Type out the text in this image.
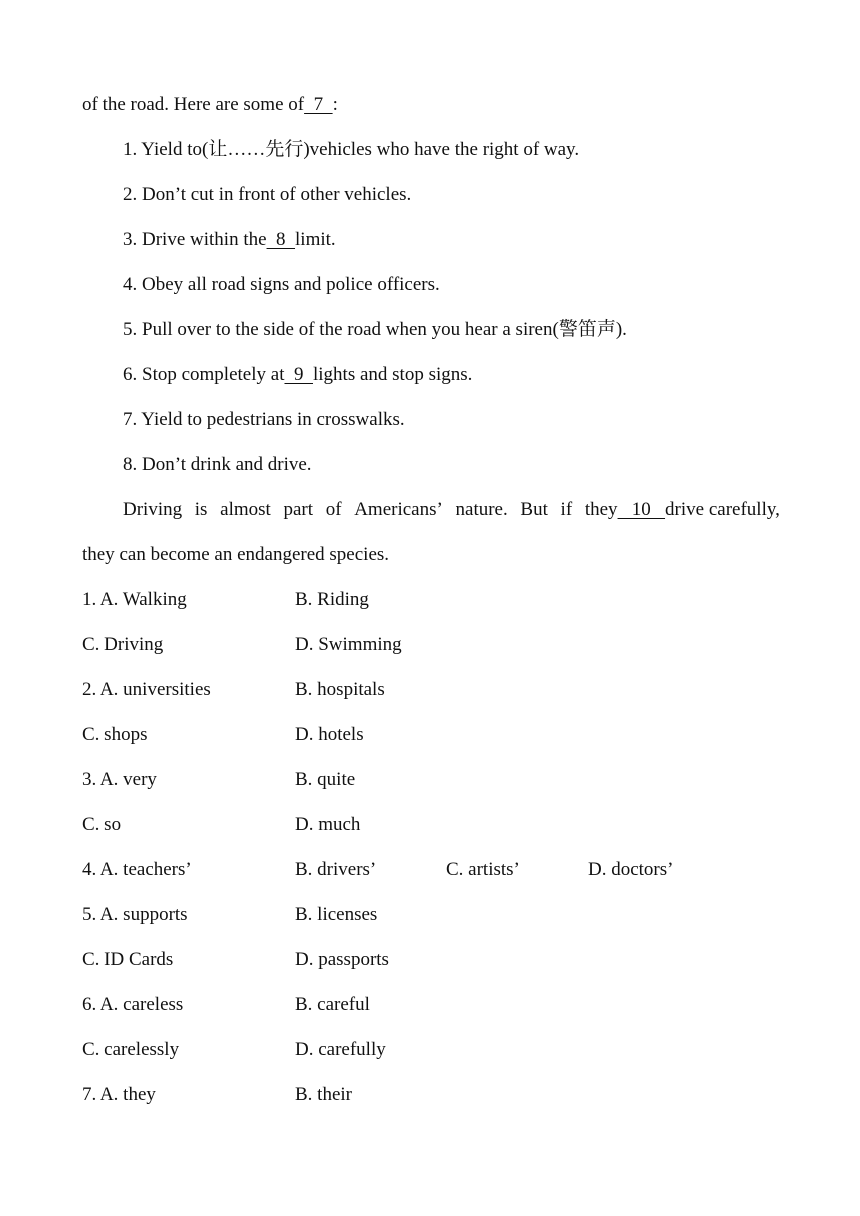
of the road. Here are some of  7  :
1. Yield to(让……先行)vehicles who have the right of way.
2. Don’t cut in front of other vehicles.
3. Drive within the  8  limit.
4. Obey all road signs and police officers.
5. Pull over to the side of the road when you hear a siren(警笛声).
6. Stop completely at  9  lights and stop signs.
7. Yield to pedestrians in crosswalks.
8. Don’t drink and drive.
Driving is almost part of Americans’ nature. But if they   10   drive carefully,
they can become an endangered species.
1. A. Walking	B. Riding
C. Driving	D. Swimming
2. A. universities	B. hospitals
C. shops	D. hotels
3. A. very	B. quite
C. so	D. much
4. A. teachers’	B. drivers’	C. artists’	D. doctors’
5. A. supports	B. licenses
C. ID Cards	D. passports
6. A. careless	B. careful
C. carelessly	D. carefully
7. A. they	B. their
